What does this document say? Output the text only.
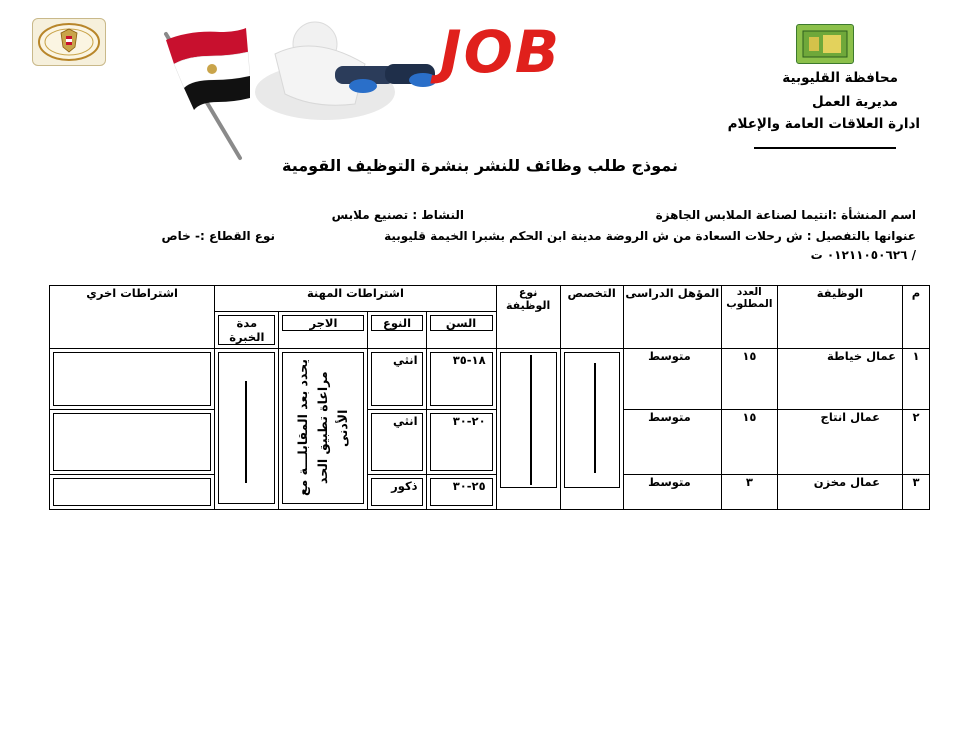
JOB	محافظة القليوبية
مديرية العمل
ادارة العلاقات العامة والإعلام
نموذج طلب وظائف للنشر بنشرة التوظيف القومية
اسم المنشأة :انتيما لصناعة الملابس الجاهزة
النشاط : تصنيع ملابس
عنوانها بالتفصيل : ش رحلات السعادة من ش الروضة مدينة ابن الحكم بشبرا الخيمة قليوبية
نوع القطاع :- خاص
٠١٢١١٠٥٠٦٢٦ ت /
م	الوظيفة	العدد المطلوب	المؤهل الدراسى	التخصص	نوع الوظيفة	اشتراطات المهنة				اشتراطات اخري

						السن	النوع	الاجر	مدة الخبرة	

١	عمال خياطة	١٥	متوسط			١٨-٣٥	انثي	يحدد بعد المقابلـــة مع مراعاة تطبيق الحد الأدنى		

٢	عمال انتاج	١٥	متوسط			٢٠-٣٠	انثي			

٣	عمال مخزن	٣	متوسط			٢٥-٣٠	ذكور			
